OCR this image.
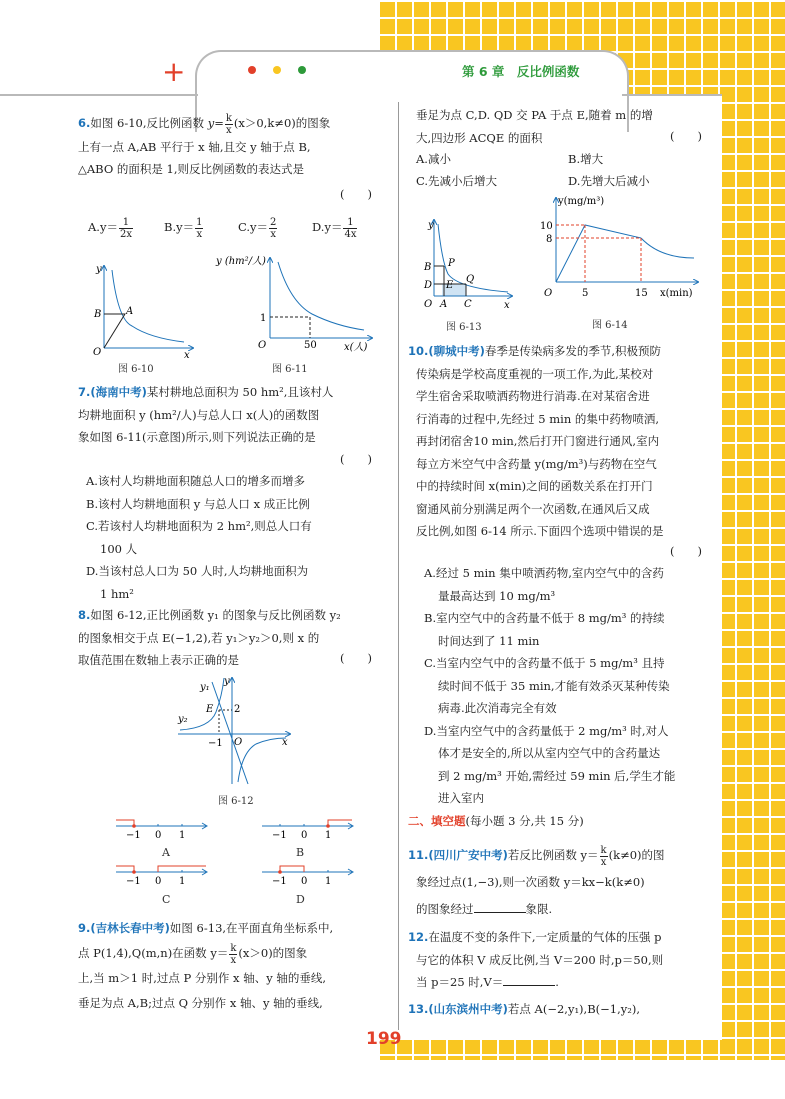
+	第 6 章　反比例函数
6.如图 6-10,反比例函数 $y= \frac{k}{x} (x>0,k\ne 0)$的图象
上有一点 A,AB 平行于 x 轴,且交 y 轴于点 B,
△ABO 的面积是 1,则反比例函数的表达式是
(　　)
$A.y= \frac{1}{2x}$	$B.y= \frac{1}{x}$	$C.y= \frac{2}{x}$	$D.y= \frac{1}{4x}$
y
x
O
B A
图 6-10
y (hm²/人)
x(人)
O
1
50
图 6-11
7.(海南中考)某村耕地总面积为 50 hm²,且该村人
均耕地面积 y (hm²/人)与总人口 x(人)的函数图
象如图 6-11(示意图)所示,则下列说法正确的是
(　　)
A.该村人均耕地面积随总人口的增多而增多
B.该村人均耕地面积 y 与总人口 x 成正比例
C.若该村人均耕地面积为 2 hm²,则总人口有
100 人
D.当该村总人口为 50 人时,人均耕地面积为
1 hm²
8.如图 6-12,正比例函数 y₁ 的图象与反比例函数 y₂
的图象相交于点 E(−1,2),若 y₁＞y₂＞0,则 x 的
取值范围在数轴上表示正确的是	(　　)
y
x
O
E
y₁
y₂
2
−1
图 6-12
−1 0 1
A
−1 0 1
B
−1 0 1
C
−1 0 1
D
9.(吉林长春中考)如图 6-13,在平面直角坐标系中,
点 P(1,4),Q(m,n)在函数 $y= \frac{k}{x} (x>0)$的图象
上,当 m＞1 时,过点 P 分别作 x 轴、y 轴的垂线,
垂足为点 A,B;过点 Q 分别作 x 轴、y 轴的垂线,
垂足为点 C,D. QD 交 PA 于点 E,随着 m 的增
大,四边形 ACQE 的面积	(　　)
A.减小	B.增大
C.先减小后增大	D.先增大后减小
y
x
O
B P
D E
Q
A C
图 6-13
y(mg/m³)
x(min)
O
10
8
5	15
图 6-14
10.(聊城中考)春季是传染病多发的季节,积极预防
传染病是学校高度重视的一项工作,为此,某校对
学生宿舍采取喷洒药物进行消毒.在对某宿舍进
行消毒的过程中,先经过 5 min 的集中药物喷洒,
再封闭宿舍10 min,然后打开门窗进行通风,室内
每立方米空气中含药量 y(mg/m³)与药物在空气
中的持续时间 x(min)之间的函数关系在打开门
窗通风前分别满足两个一次函数,在通风后又成
反比例,如图 6-14 所示.下面四个选项中错误的是
(　　)
A.经过 5 min 集中喷洒药物,室内空气中的含药
量最高达到 10 mg/m³
B.室内空气中的含药量不低于 8 mg/m³ 的持续
时间达到了 11 min
C.当室内空气中的含药量不低于 5 mg/m³ 且持
续时间不低于 35 min,才能有效杀灭某种传染
病毒.此次消毒完全有效
D.当室内空气中的含药量低于 2 mg/m³ 时,对人
体才是安全的,所以从室内空气中的含药量达
到 2 mg/m³ 开始,需经过 59 min 后,学生才能
进入室内
二、填空题(每小题 3 分,共 15 分)
11.(四川广安中考)若反比例函数 $y= \frac{k}{x} (k\ne 0)$的图
象经过点(1,−3),则一次函数 y＝kx−k(k≠0)
的图象经过	象限.
12.在温度不变的条件下,一定质量的气体的压强 p
与它的体积 V 成反比例,当 V＝200 时,p＝50,则
当 p＝25 时,V＝	.
13.(山东滨州中考)若点 A(−2,y₁),B(−1,y₂),
199
